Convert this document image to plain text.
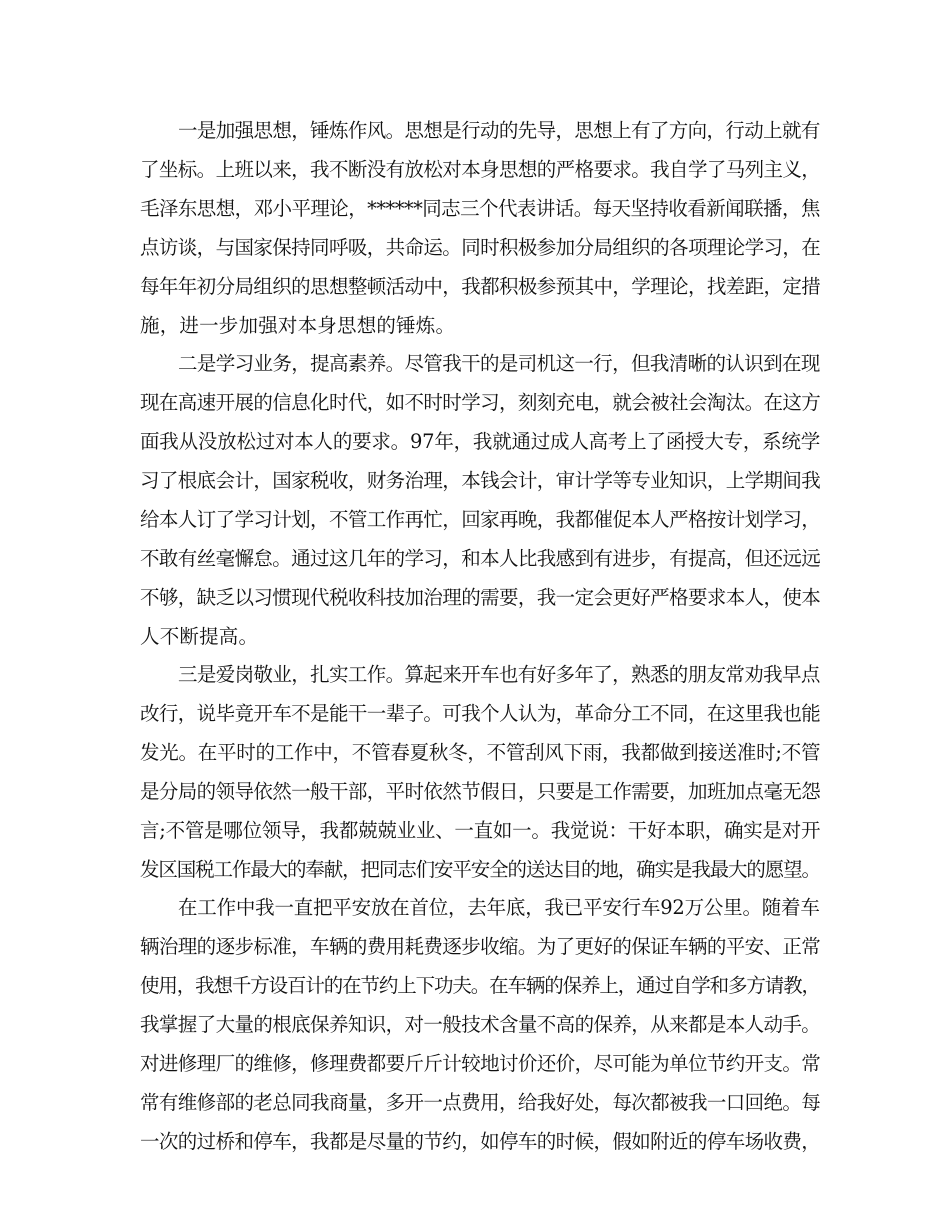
一是加强思想，锤炼作风。思想是行动的先导，思想上有了方向，行动上就有
了坐标。上班以来，我不断没有放松对本身思想的严格要求。我自学了马列主义，
毛泽东思想，邓小平理论，******同志三个代表讲话。每天坚持收看新闻联播，焦
点访谈，与国家保持同呼吸，共命运。同时积极参加分局组织的各项理论学习，在
每年年初分局组织的思想整顿活动中，我都积极参预其中，学理论，找差距，定措
施，进一步加强对本身思想的锤炼。
二是学习业务，提高素养。尽管我干的是司机这一行，但我清晰的认识到在现
现在高速开展的信息化时代，如不时时学习，刻刻充电，就会被社会淘汰。在这方
面我从没放松过对本人的要求。97年，我就通过成人高考上了函授大专，系统学
习了根底会计，国家税收，财务治理，本钱会计，审计学等专业知识，上学期间我
给本人订了学习计划，不管工作再忙，回家再晚，我都催促本人严格按计划学习，
不敢有丝毫懈怠。通过这几年的学习，和本人比我感到有进步，有提高，但还远远
不够，缺乏以习惯现代税收科技加治理的需要，我一定会更好严格要求本人，使本
人不断提高。
三是爱岗敬业，扎实工作。算起来开车也有好多年了，熟悉的朋友常劝我早点
改行，说毕竟开车不是能干一辈子。可我个人认为，革命分工不同，在这里我也能
发光。在平时的工作中，不管春夏秋冬，不管刮风下雨，我都做到接送准时;不管
是分局的领导依然一般干部，平时依然节假日，只要是工作需要，加班加点毫无怨
言;不管是哪位领导，我都兢兢业业、一直如一。我觉说：干好本职，确实是对开
发区国税工作最大的奉献，把同志们安平安全的送达目的地，确实是我最大的愿望。
在工作中我一直把平安放在首位，去年底，我已平安行车92万公里。随着车
辆治理的逐步标准，车辆的费用耗费逐步收缩。为了更好的保证车辆的平安、正常
使用，我想千方设百计的在节约上下功夫。在车辆的保养上，通过自学和多方请教，
我掌握了大量的根底保养知识，对一般技术含量不高的保养，从来都是本人动手。
对进修理厂的维修，修理费都要斤斤计较地讨价还价，尽可能为单位节约开支。常
常有维修部的老总同我商量，多开一点费用，给我好处，每次都被我一口回绝。每
一次的过桥和停车，我都是尽量的节约，如停车的时候，假如附近的停车场收费，
